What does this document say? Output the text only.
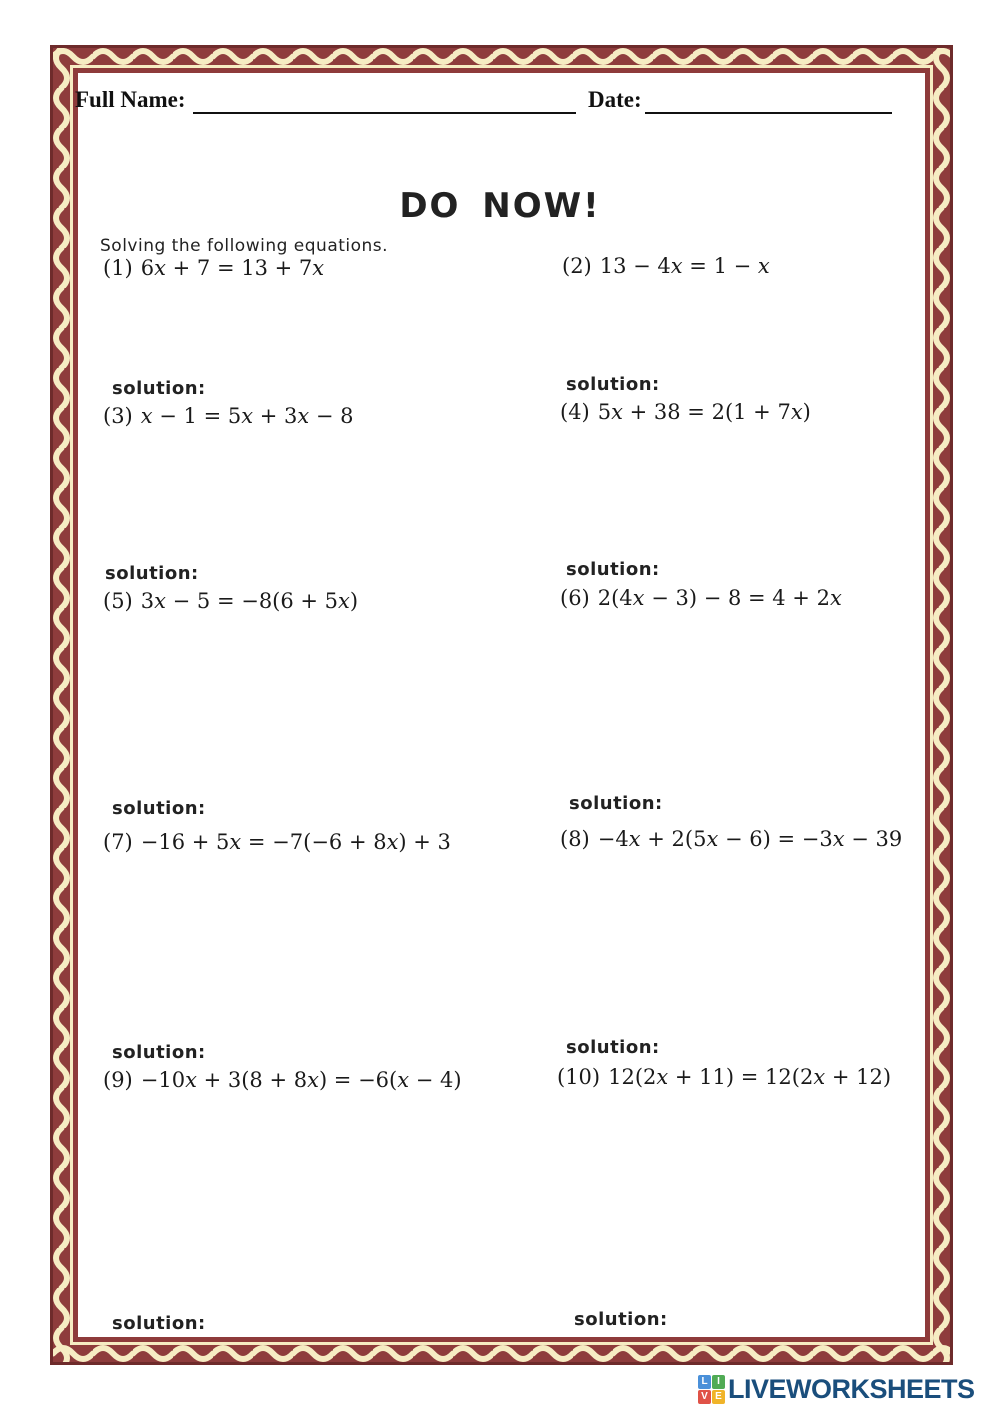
Full Name:	Date:
DO NOW!
Solving the following equations.
(1) 6x + 7 = 13 + 7x	(2) 13 − 4x = 1 − x
solution:	solution:
(3) x − 1 = 5x + 3x − 8	(4) 5x + 38 = 2(1 + 7x)
solution:	solution:
(5) 3x − 5 = −8(6 + 5x)	(6) 2(4x − 3) − 8 = 4 + 2x
solution:	solution:
(7) −16 + 5x = −7(−6 + 8x) + 3	(8) −4x + 2(5x − 6) = −3x − 39
solution:	solution:
(9) −10x + 3(8 + 8x) = −6(x − 4)	(10) 12(2x + 11) = 12(2x + 12)
solution:	solution:
L I
V E LIVEWORKSHEETS
